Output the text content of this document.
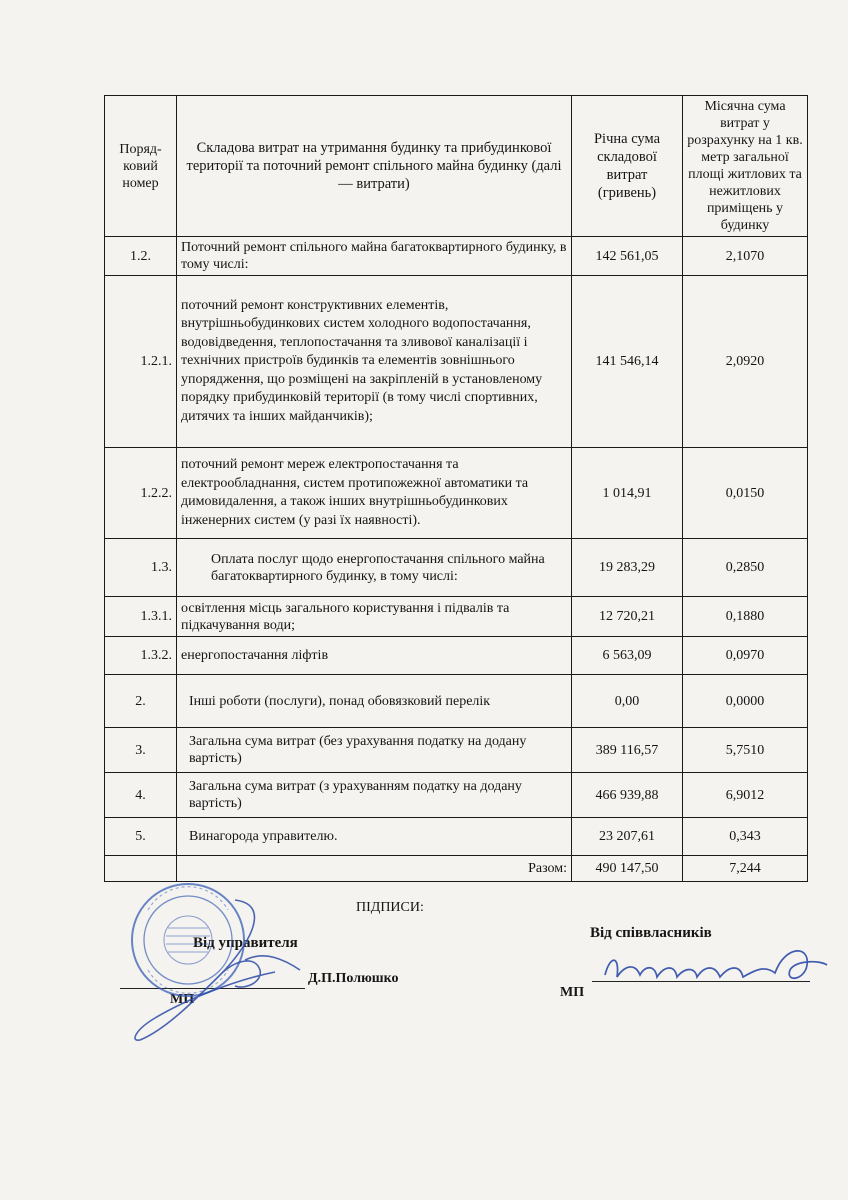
Поряд-
ковий
номер	Складова витрат на утримання будинку та прибудинкової території та поточний ремонт спільного майна будинку (далі — витрати)	Річна сума складової витрат (гривень)	Місячна сума витрат у розрахунку на 1 кв. метр загальної площі житлових та нежитлових приміщень у будинку
1.2.	Поточний ремонт спільного майна багатоквартирного будинку, в тому числі:	142 561,05	2,1070
1.2.1.	поточний ремонт конструктивних елементів, внутрішньобудинкових систем холодного водопостачання, водовідведення, теплопостачання та зливової каналізації і технічних пристроїв будинків та елементів зовнішнього упорядження, що розміщені на закріпленій в установленому порядку прибудинковій території (в тому числі спортивних, дитячих та інших майданчиків);	141 546,14	2,0920
1.2.2.	поточний ремонт мереж електропостачання та електрообладнання, систем протипожежної автоматики та димовидалення, а також інших внутрішньобудинкових інженерних систем (у разі їх наявності).	1 014,91	0,0150
1.3.	Оплата послуг щодо енергопостачання спільного майна багатоквартирного будинку, в тому числі:	19 283,29	0,2850
1.3.1.	освітлення місць загального користування і підвалів та підкачування води;	12 720,21	0,1880
1.3.2.	енергопостачання ліфтів	6 563,09	0,0970
2.	Інші роботи (послуги), понад обовязковий перелік	0,00	0,0000
3.	Загальна сума витрат (без урахування податку на додану вартість)	389 116,57	5,7510
4.	Загальна сума витрат (з урахуванням податку на додану вартість)	466 939,88	6,9012
5.	Винагорода управителю.	23 207,61	0,343
	Разом:	490 147,50	7,244
ПІДПИСИ:
Від управителя
Від співвласників
Д.П.Полюшко
МП	МП
